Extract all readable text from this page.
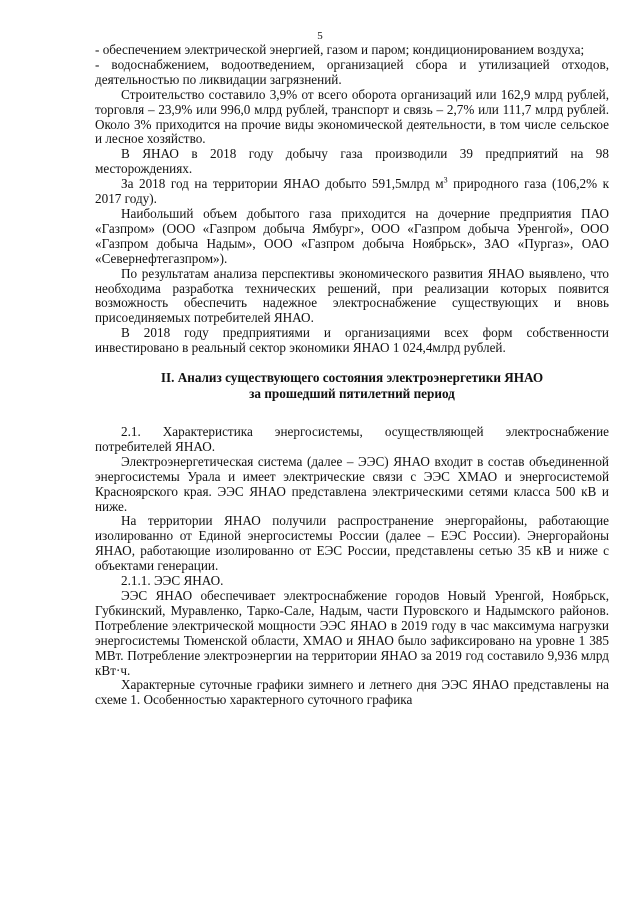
5

- обеспечением электрической энергией, газом и паром; кондиционированием воздуха;

- водоснабжением, водоотведением, организацией сбора и утилизацией отходов, деятельностью по ликвидации загрязнений.

Строительство составило 3,9% от всего оборота организаций или 162,9 млрд рублей, торговля – 23,9% или 996,0 млрд рублей, транспорт и связь – 2,7% или 111,7 млрд рублей. Около 3% приходится на прочие виды экономической деятельности, в том числе сельское и лесное хозяйство.

В ЯНАО в 2018 году добычу газа производили 39 предприятий на 98 месторождениях.

За 2018 год на территории ЯНАО добыто 591,5млрд $м^3$ природного газа (106,2% к 2017 году).

Наибольший объем добытого газа приходится на дочерние предприятия ПАО «Газпром» (ООО «Газпром добыча Ямбург», ООО «Газпром добыча Уренгой», ООО «Газпром добыча Надым», ООО «Газпром добыча Ноябрьск», ЗАО «Пургаз», ОАО «Севернефтегазпром»).

По результатам анализа перспективы экономического развития ЯНАО выявлено, что необходима разработка технических решений, при реализации которых появится возможность обеспечить надежное электроснабжение существующих и вновь присоединяемых потребителей ЯНАО.

В 2018 году предприятиями и организациями всех форм собственности инвестировано в реальный сектор экономики ЯНАО 1 024,4млрд рублей.

II. Анализ существующего состояния электроэнергетики ЯНАО
за прошедший пятилетний период

2.1. Характеристика энергосистемы, осуществляющей электроснабжение потребителей ЯНАО.

Электроэнергетическая система (далее – ЭЭС) ЯНАО входит в состав объединенной энергосистемы Урала и имеет электрические связи с ЭЭС ХМАО и энергосистемой Красноярского края. ЭЭС ЯНАО представлена электрическими сетями класса 500 кВ и ниже.

На территории ЯНАО получили распространение энергорайоны, работающие изолированно от Единой энергосистемы России (далее – ЕЭС России). Энергорайоны ЯНАО, работающие изолированно от ЕЭС России, представлены сетью 35 кВ и ниже с объектами генерации.

2.1.1. ЭЭС ЯНАО.

ЭЭС ЯНАО обеспечивает электроснабжение городов Новый Уренгой, Ноябрьск, Губкинский, Муравленко, Тарко-Сале, Надым, части Пуровского и Надымского районов. Потребление электрической мощности ЭЭС ЯНАО в 2019 году в час максимума нагрузки энергосистемы Тюменской области, ХМАО и ЯНАО было зафиксировано на уровне 1 385 МВт. Потребление электроэнергии на территории ЯНАО за 2019 год составило 9,936 млрд кВт·ч.

Характерные суточные графики зимнего и летнего дня ЭЭС ЯНАО представлены на схеме 1. Особенностью характерного суточного графика
